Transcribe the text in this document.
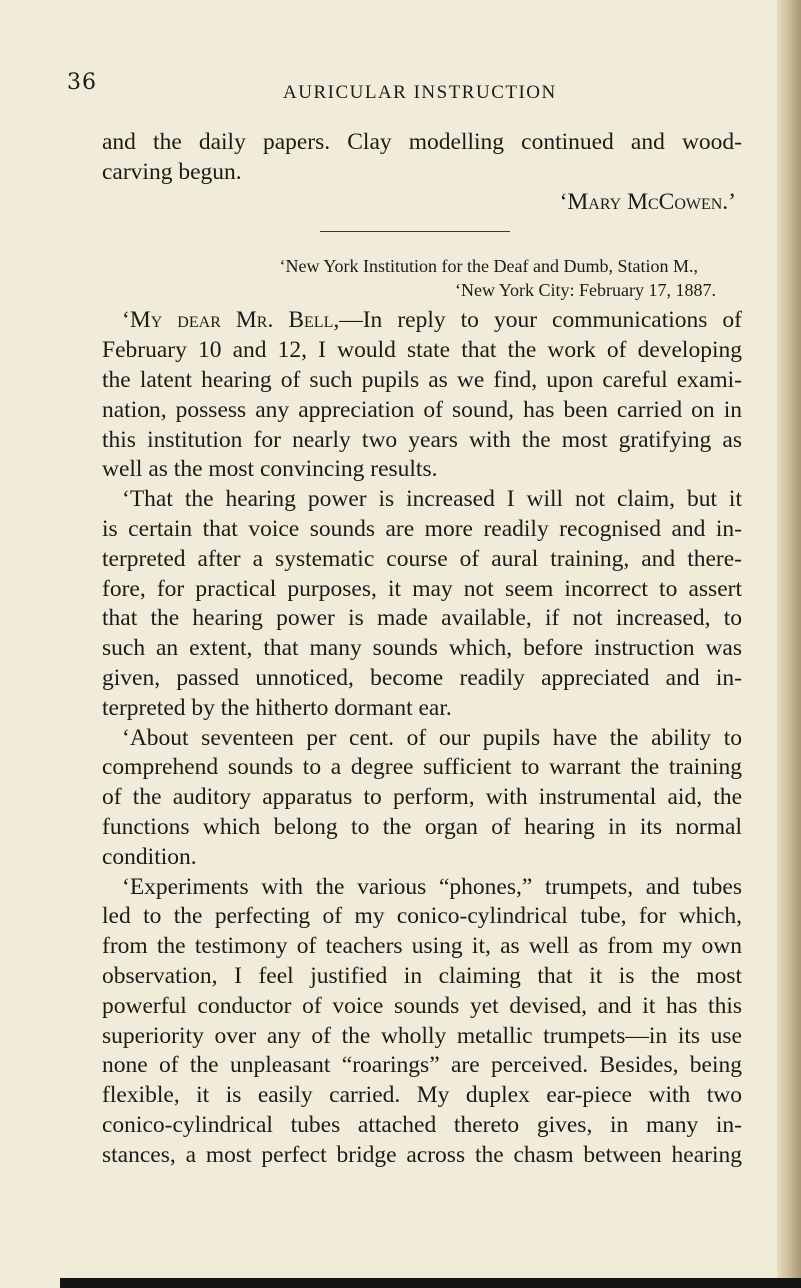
36	AURICULAR INSTRUCTION
and the daily papers. Clay modelling continued and wood-
carving begun.
‘Mary McCowen.’
‘New York Institution for the Deaf and Dumb, Station M.,
‘New York City: February 17, 1887.
‘My dear Mr. Bell,—In reply to your communications of
February 10 and 12, I would state that the work of developing
the latent hearing of such pupils as we find, upon careful exami-
nation, possess any appreciation of sound, has been carried on in
this institution for nearly two years with the most gratifying as
well as the most convincing results.
‘That the hearing power is increased I will not claim, but it
is certain that voice sounds are more readily recognised and in-
terpreted after a systematic course of aural training, and there-
fore, for practical purposes, it may not seem incorrect to assert
that the hearing power is made available, if not increased, to
such an extent, that many sounds which, before instruction was
given, passed unnoticed, become readily appreciated and in-
terpreted by the hitherto dormant ear.
‘About seventeen per cent. of our pupils have the ability to
comprehend sounds to a degree sufficient to warrant the training
of the auditory apparatus to perform, with instrumental aid, the
functions which belong to the organ of hearing in its normal
condition.
‘Experiments with the various “phones,” trumpets, and tubes
led to the perfecting of my conico-cylindrical tube, for which,
from the testimony of teachers using it, as well as from my own
observation, I feel justified in claiming that it is the most
powerful conductor of voice sounds yet devised, and it has this
superiority over any of the wholly metallic trumpets—in its use
none of the unpleasant “roarings” are perceived. Besides, being
flexible, it is easily carried. My duplex ear-piece with two
conico-cylindrical tubes attached thereto gives, in many in-
stances, a most perfect bridge across the chasm between hearing
